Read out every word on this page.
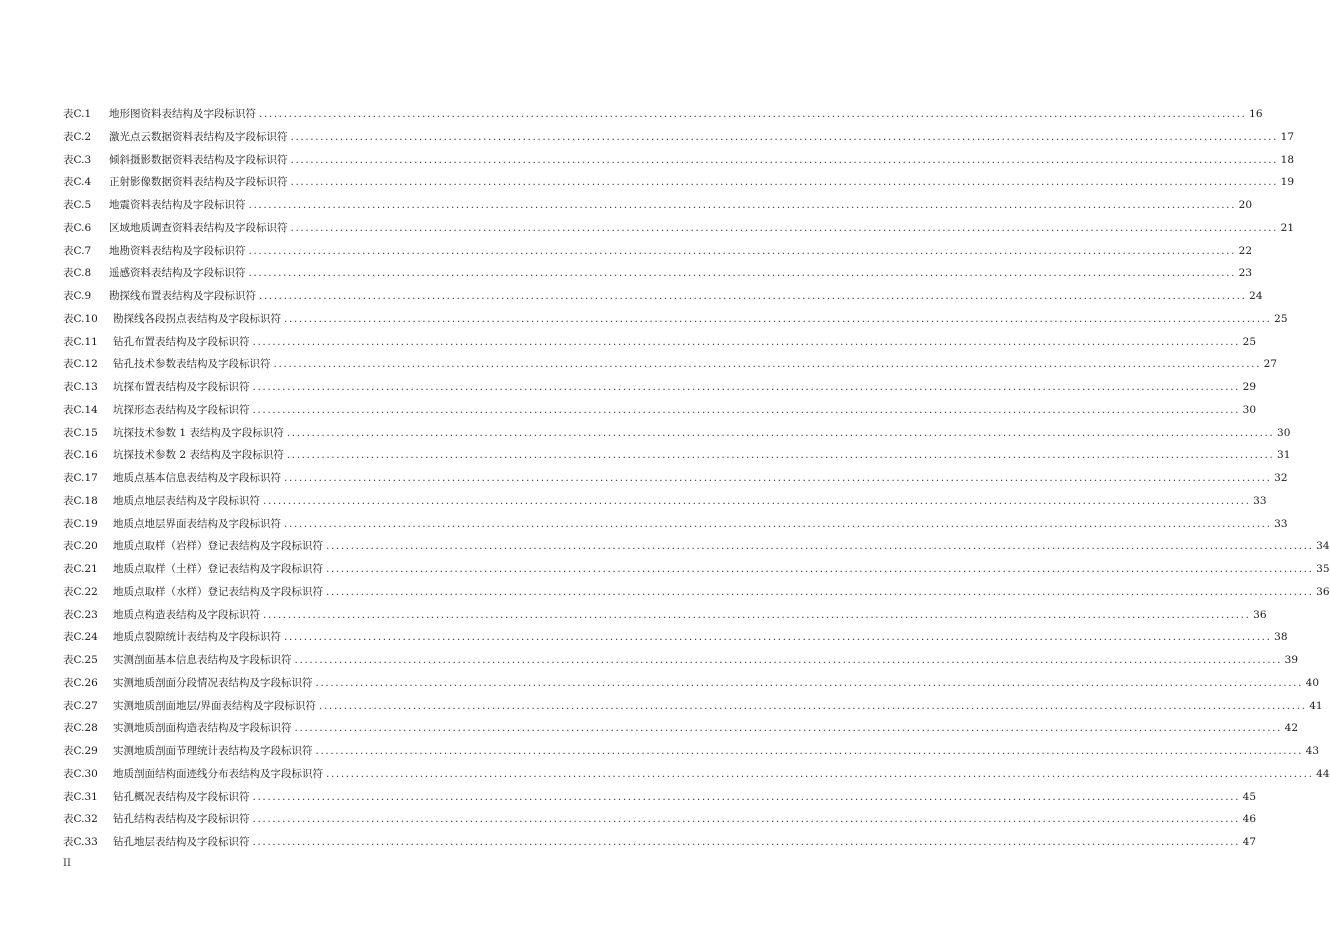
表C.1	地形图资料表结构及字段标识符 ........................................................................................................................................................................................................ 16
表C.2	激光点云数据资料表结构及字段标识符 ........................................................................................................................................................................................................ 17
表C.3	倾斜摄影数据资料表结构及字段标识符 ........................................................................................................................................................................................................ 18
表C.4	正射影像数据资料表结构及字段标识符 ........................................................................................................................................................................................................ 19
表C.5	地震资料表结构及字段标识符 ........................................................................................................................................................................................................ 20
表C.6	区域地质调查资料表结构及字段标识符 ........................................................................................................................................................................................................ 21
表C.7	地勘资料表结构及字段标识符 ........................................................................................................................................................................................................ 22
表C.8	遥感资料表结构及字段标识符 ........................................................................................................................................................................................................ 23
表C.9	勘探线布置表结构及字段标识符 ........................................................................................................................................................................................................ 24
表C.10	勘探线各段拐点表结构及字段标识符 ........................................................................................................................................................................................................ 25
表C.11	钻孔布置表结构及字段标识符 ........................................................................................................................................................................................................ 25
表C.12	钻孔技术参数表结构及字段标识符 ........................................................................................................................................................................................................ 27
表C.13	坑探布置表结构及字段标识符 ........................................................................................................................................................................................................ 29
表C.14	坑探形态表结构及字段标识符 ........................................................................................................................................................................................................ 30
表C.15	坑探技术参数 1 表结构及字段标识符 ........................................................................................................................................................................................................ 30
表C.16	坑探技术参数 2 表结构及字段标识符 ........................................................................................................................................................................................................ 31
表C.17	地质点基本信息表结构及字段标识符 ........................................................................................................................................................................................................ 32
表C.18	地质点地层表结构及字段标识符 ........................................................................................................................................................................................................ 33
表C.19	地质点地层界面表结构及字段标识符 ........................................................................................................................................................................................................ 33
表C.20	地质点取样（岩样）登记表结构及字段标识符 ........................................................................................................................................................................................................ 34
表C.21	地质点取样（土样）登记表结构及字段标识符 ........................................................................................................................................................................................................ 35
表C.22	地质点取样（水样）登记表结构及字段标识符 ........................................................................................................................................................................................................ 36
表C.23	地质点构造表结构及字段标识符 ........................................................................................................................................................................................................ 36
表C.24	地质点裂隙统计表结构及字段标识符 ........................................................................................................................................................................................................ 38
表C.25	实测剖面基本信息表结构及字段标识符 ........................................................................................................................................................................................................ 39
表C.26	实测地质剖面分段情况表结构及字段标识符 ........................................................................................................................................................................................................ 40
表C.27	实测地质剖面地层/界面表结构及字段标识符 ........................................................................................................................................................................................................ 41
表C.28	实测地质剖面构造表结构及字段标识符 ........................................................................................................................................................................................................ 42
表C.29	实测地质剖面节理统计表结构及字段标识符 ........................................................................................................................................................................................................ 43
表C.30	地质剖面结构面迹线分布表结构及字段标识符 ........................................................................................................................................................................................................ 44
表C.31	钻孔概况表结构及字段标识符 ........................................................................................................................................................................................................ 45
表C.32	钻孔结构表结构及字段标识符 ........................................................................................................................................................................................................ 46
表C.33	钻孔地层表结构及字段标识符 ........................................................................................................................................................................................................ 47
II
